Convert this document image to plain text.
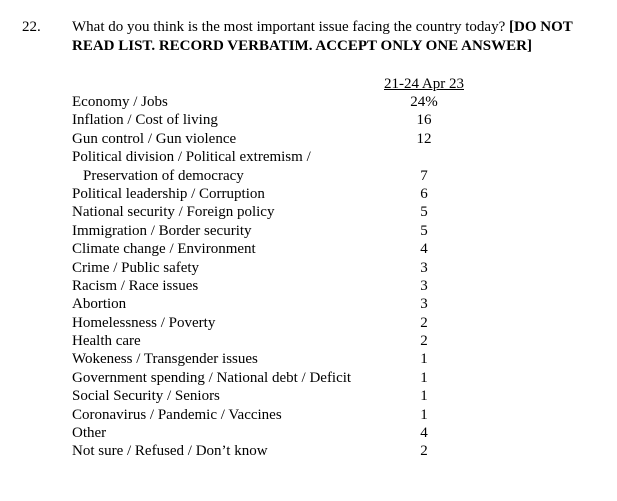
22. What do you think is the most important issue facing the country today? [DO NOT READ LIST. RECORD VERBATIM. ACCEPT ONLY ONE ANSWER]
21-24 Apr 23
Economy / Jobs	24%
Inflation / Cost of living	16
Gun control / Gun violence	12
Political division / Political extremism /
Preservation of democracy	7
Political leadership / Corruption	6
National security / Foreign policy	5
Immigration / Border security	5
Climate change / Environment	4
Crime / Public safety	3
Racism / Race issues	3
Abortion	3
Homelessness / Poverty	2
Health care	2
Wokeness / Transgender issues	1
Government spending / National debt / Deficit	1
Social Security / Seniors	1
Coronavirus / Pandemic / Vaccines	1
Other	4
Not sure / Refused / Don’t know	2
